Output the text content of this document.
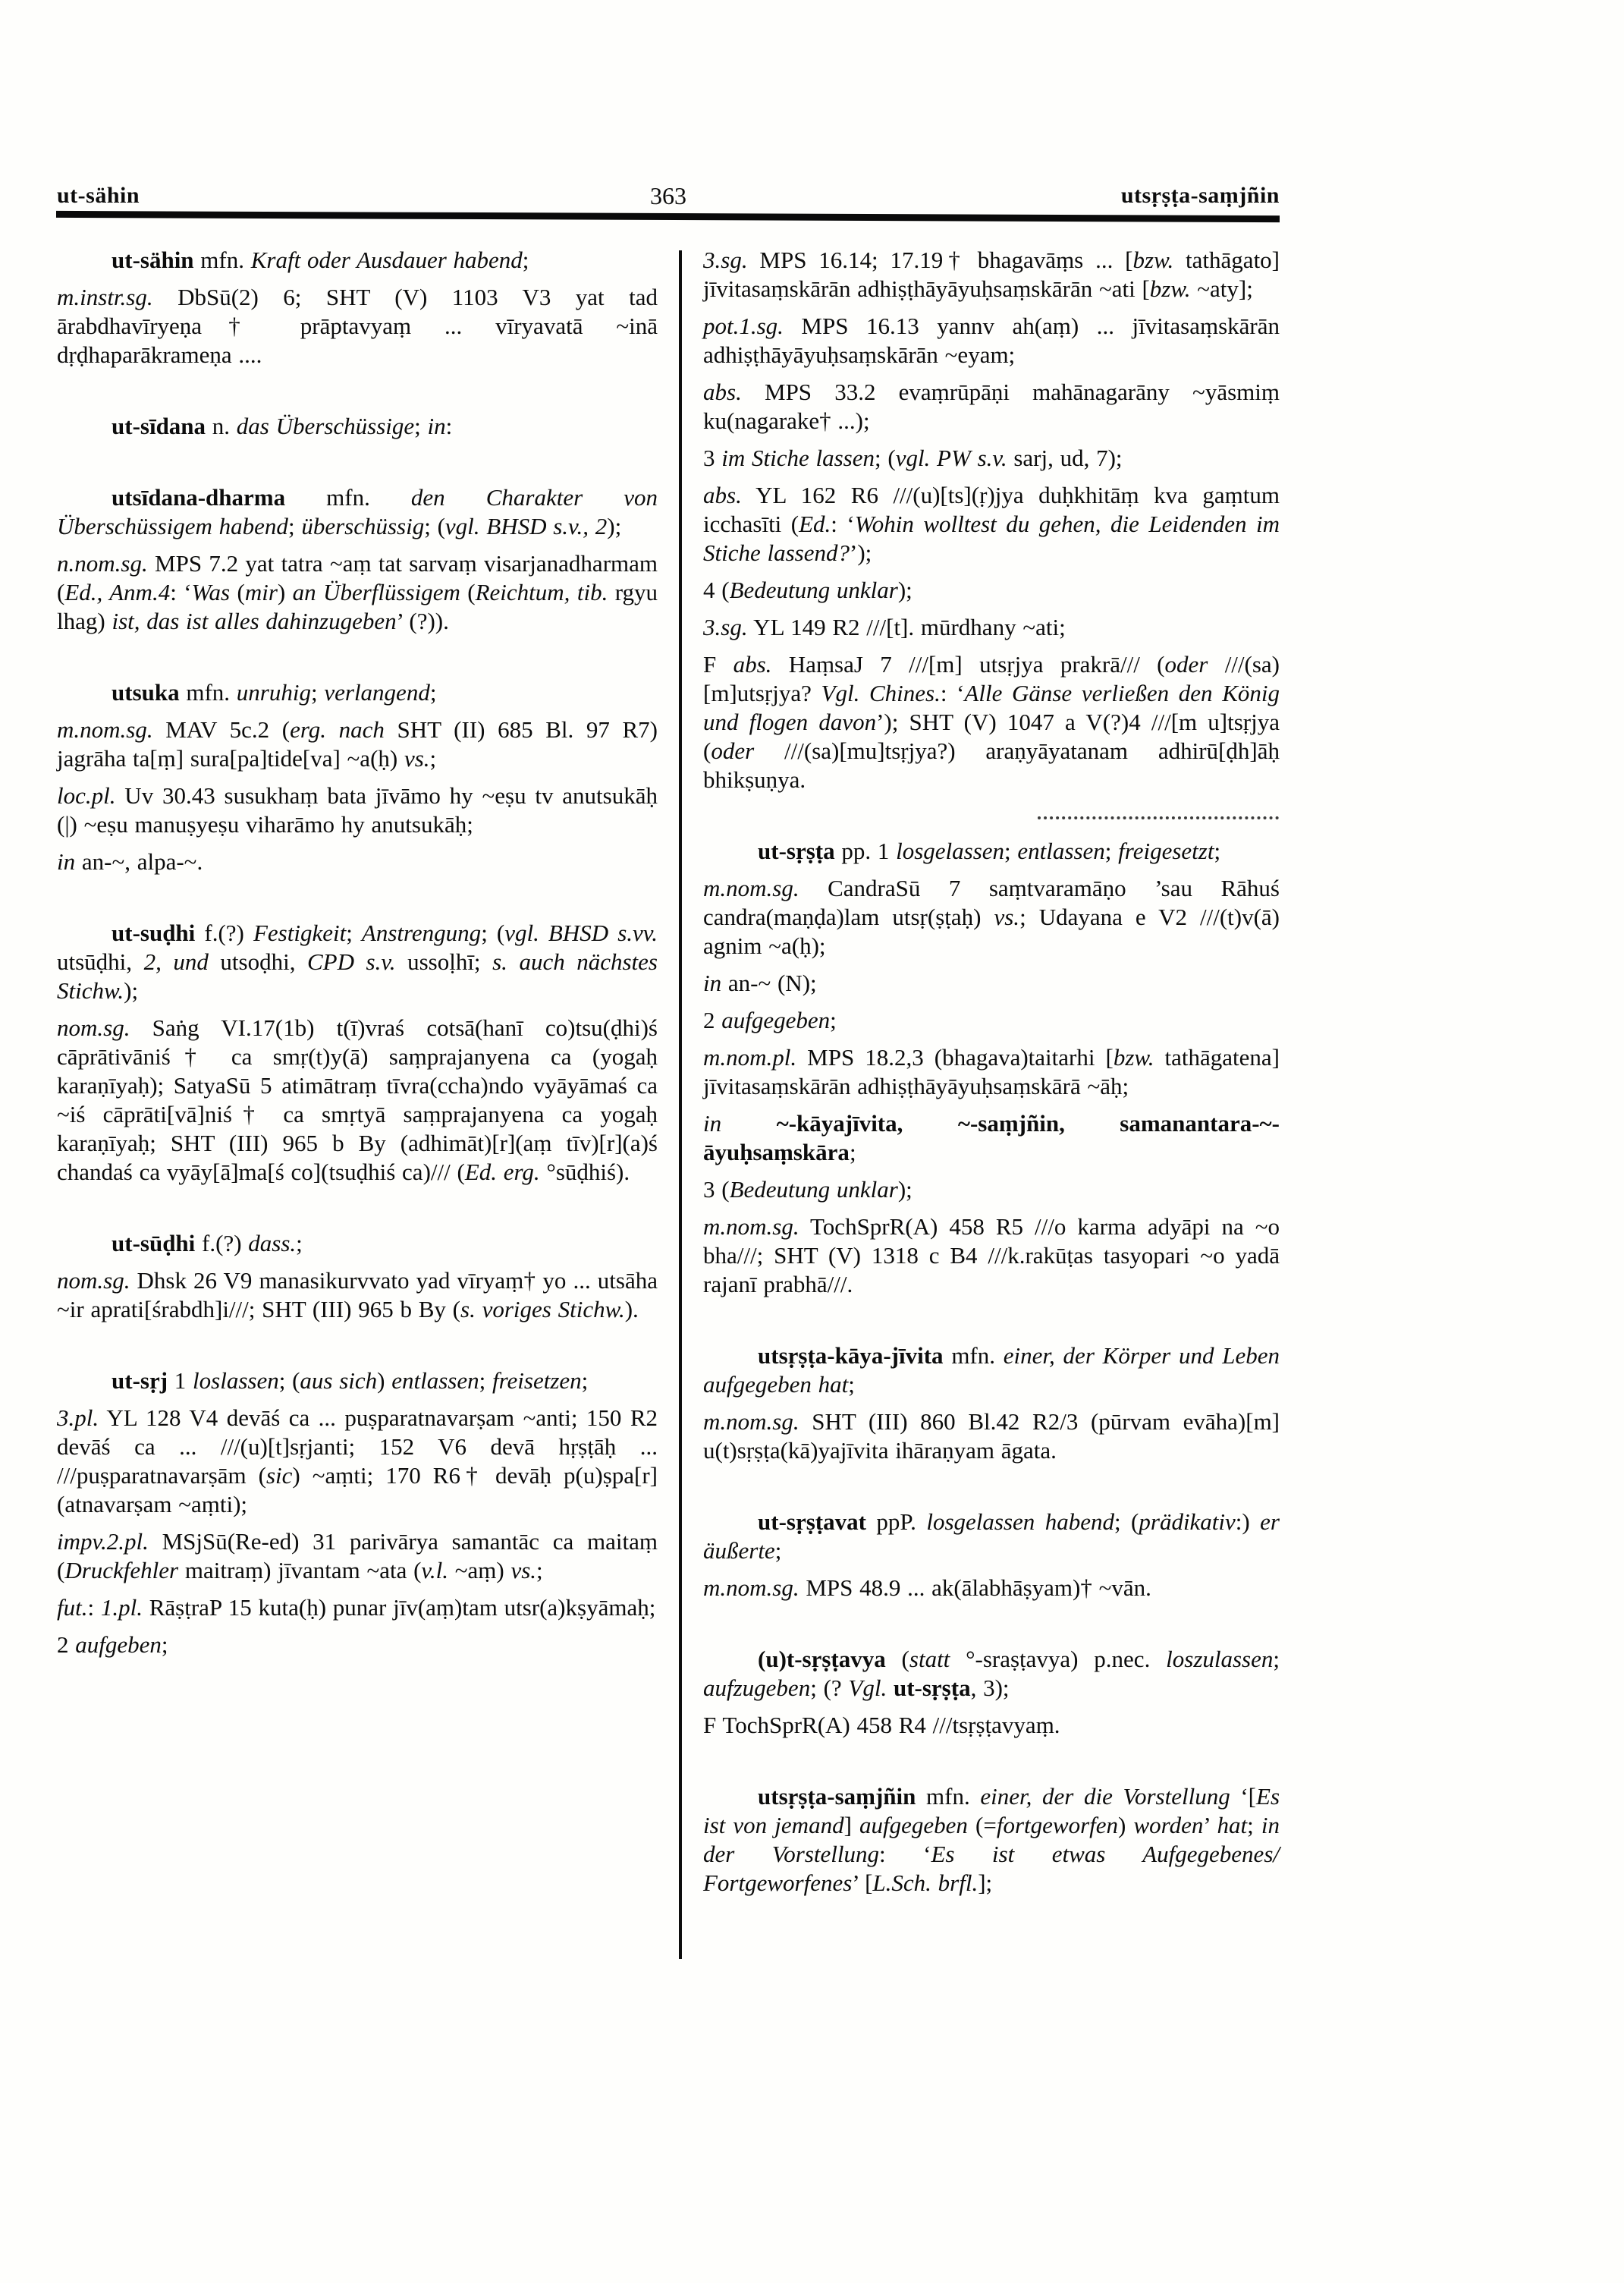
ut-sähin	363	utsṛṣṭa-saṃjñin

ut-sähin mfn. Kraft oder Ausdauer habend;

m.instr.sg. DbSū(2) 6; SHT (V) 1103 V3 yat tad ārabdhavīryeṇa† prāptavyaṃ ... vīryavatā ~inā dṛḍhaparākrameṇa ....

ut-sīdana n. das Überschüssige; in:

utsīdana-dharma mfn. den Charakter von Überschüssigem habend; überschüssig; (vgl. BHSD s.v., 2);

n.nom.sg. MPS 7.2 yat tatra ~aṃ tat sarvaṃ visarjanadharmam (Ed., Anm.4: ‘Was (mir) an Überflüssigem (Reichtum, tib. rgyu lhag) ist, das ist alles dahinzugeben’ (?)).

utsuka mfn. unruhig; verlangend;

m.nom.sg. MAV 5c.2 (erg. nach SHT (II) 685 Bl. 97 R7) jagrāha ta[ṃ] sura[pa]tide[va] ~a(ḥ) vs.;

loc.pl. Uv 30.43 susukhaṃ bata jīvāmo hy ~eṣu tv anutsukāḥ (|) ~eṣu manuṣyeṣu viharāmo hy anutsukāḥ;

in an-~, alpa-~.

ut-suḍhi f.(?) Festigkeit; Anstrengung; (vgl. BHSD s.vv. utsūḍhi, 2, und utsoḍhi, CPD s.v. ussoḷhī; s. auch nächstes Stichw.);

nom.sg. Saṅg VI.17(1b) t(ī)vraś cotsā(hanī co)tsu(ḍhi)ś cāprātivāniś† ca smṛ(t)y(ā) saṃprajanyena ca (yogaḥ karaṇīyaḥ); SatyaSū 5 atimātraṃ tīvra(ccha)ndo vyāyāmaś ca ~iś cāprāti[vā]niś† ca smṛtyā saṃprajanyena ca yogaḥ karaṇīyaḥ; SHT (III) 965 b By (adhimāt)[r](aṃ tīv)[r](a)ś chandaś ca vyāy[ā]ma[ś co](tsuḍhiś ca)/// (Ed. erg. °sūḍhiś).

ut-sūḍhi f.(?) dass.;

nom.sg. Dhsk 26 V9 manasikurvvato yad vīryaṃ† yo ... utsāha ~ir aprati[śrabdh]i///; SHT (III) 965 b By (s. voriges Stichw.).

ut-sṛj 1 loslassen; (aus sich) entlassen; freisetzen;

3.pl. YL 128 V4 devāś ca ... puṣparatnavarṣam ~anti; 150 R2 devāś ca ... ///(u)[t]sṛjanti; 152 V6 devā hṛṣṭāḥ ... ///puṣparatnavarṣām (sic) ~aṃti; 170 R6† devāḥ p(u)ṣpa[r](atnavarṣam ~aṃti);

impv.2.pl. MSjSū(Re-ed) 31 parivārya samantāc ca maitaṃ (Druckfehler maitraṃ) jīvantam ~ata (v.l. ~aṃ) vs.;

fut.: 1.pl. RāṣṭraP 15 kuta(ḥ) punar jīv(aṃ)tam utsr(a)kṣyāmaḥ;

2 aufgeben;

3.sg. MPS 16.14; 17.19† bhagavāṃs ... [bzw. tathāgato] jīvitasaṃskārān adhiṣṭhāyāyuḥsaṃskārān ~ati [bzw. ~aty];

pot.1.sg. MPS 16.13 yannv ah(aṃ) ... jīvitasaṃskārān adhiṣṭhāyāyuḥsaṃskārān ~eyam;

abs. MPS 33.2 evaṃrūpāṇi mahānagarāny ~yāsmiṃ ku(nagarake† ...);

3 im Stiche lassen; (vgl. PW s.v. sarj, ud, 7);

abs. YL 162 R6 ///(u)[ts](ṛ)jya duḥkhitāṃ kva gaṃtum icchasīti (Ed.: ‘Wohin wolltest du gehen, die Leidenden im Stiche lassend?’);

4 (Bedeutung unklar);

3.sg. YL 149 R2 ///[t]. mūrdhany ~ati;

F abs. HaṃsaJ 7 ///[m] utsṛjya prakrā/// (oder ///(sa)[m]utsṛjya? Vgl. Chines.: ‘Alle Gänse verließen den König und flogen davon’); SHT (V) 1047 a V(?)4 ///[m u]tsṛjya (oder ///(sa)[mu]tsṛjya?) araṇyāyatanam adhirū[ḍh]āḥ bhikṣuṇya.

ut-sṛṣṭa pp. 1 losgelassen; entlassen; freigesetzt;

m.nom.sg. CandraSū 7 saṃtvaramāṇo ’sau Rāhuś candra(maṇḍa)lam utsṛ(ṣṭaḥ) vs.; Udayana e V2 ///(t)v(ā) agnim ~a(ḥ);

in an-~ (N);

2 aufgegeben;

m.nom.pl. MPS 18.2,3 (bhagava)taitarhi [bzw. tathāgatena] jīvitasaṃskārān adhiṣṭhāyāyuḥsaṃskārā ~āḥ;

in ~-kāyajīvita, ~-saṃjñin, samanantara-~-āyuḥsaṃskāra;

3 (Bedeutung unklar);

m.nom.sg. TochSprR(A) 458 R5 ///o karma adyāpi na ~o bha///; SHT (V) 1318 c B4 ///k.rakūṭas tasyopari ~o yadā rajanī prabhā///.

utsṛṣṭa-kāya-jīvita mfn. einer, der Körper und Leben aufgegeben hat;

m.nom.sg. SHT (III) 860 Bl.42 R2/3 (pūrvam evāha)[m] u(t)sṛṣṭa(kā)yajīvita ihāraṇyam āgata.

ut-sṛṣṭavat ppP. losgelassen habend; (prädikativ:) er äußerte;

m.nom.sg. MPS 48.9 ... ak(ālabhāṣyam)† ~vān.

(u)t-sṛṣṭavya (statt °-sraṣṭavya) p.nec. loszulassen; aufzugeben; (? Vgl. ut-sṛṣṭa, 3);

F TochSprR(A) 458 R4 ///tsṛṣṭavyaṃ.

utsṛṣṭa-saṃjñin mfn. einer, der die Vorstellung ‘[Es ist von jemand] aufgegeben (=fortgeworfen) worden’ hat; in der Vorstellung: ‘Es ist etwas Aufgegebenes/ Fortgeworfenes’ [L.Sch. brfl.];
